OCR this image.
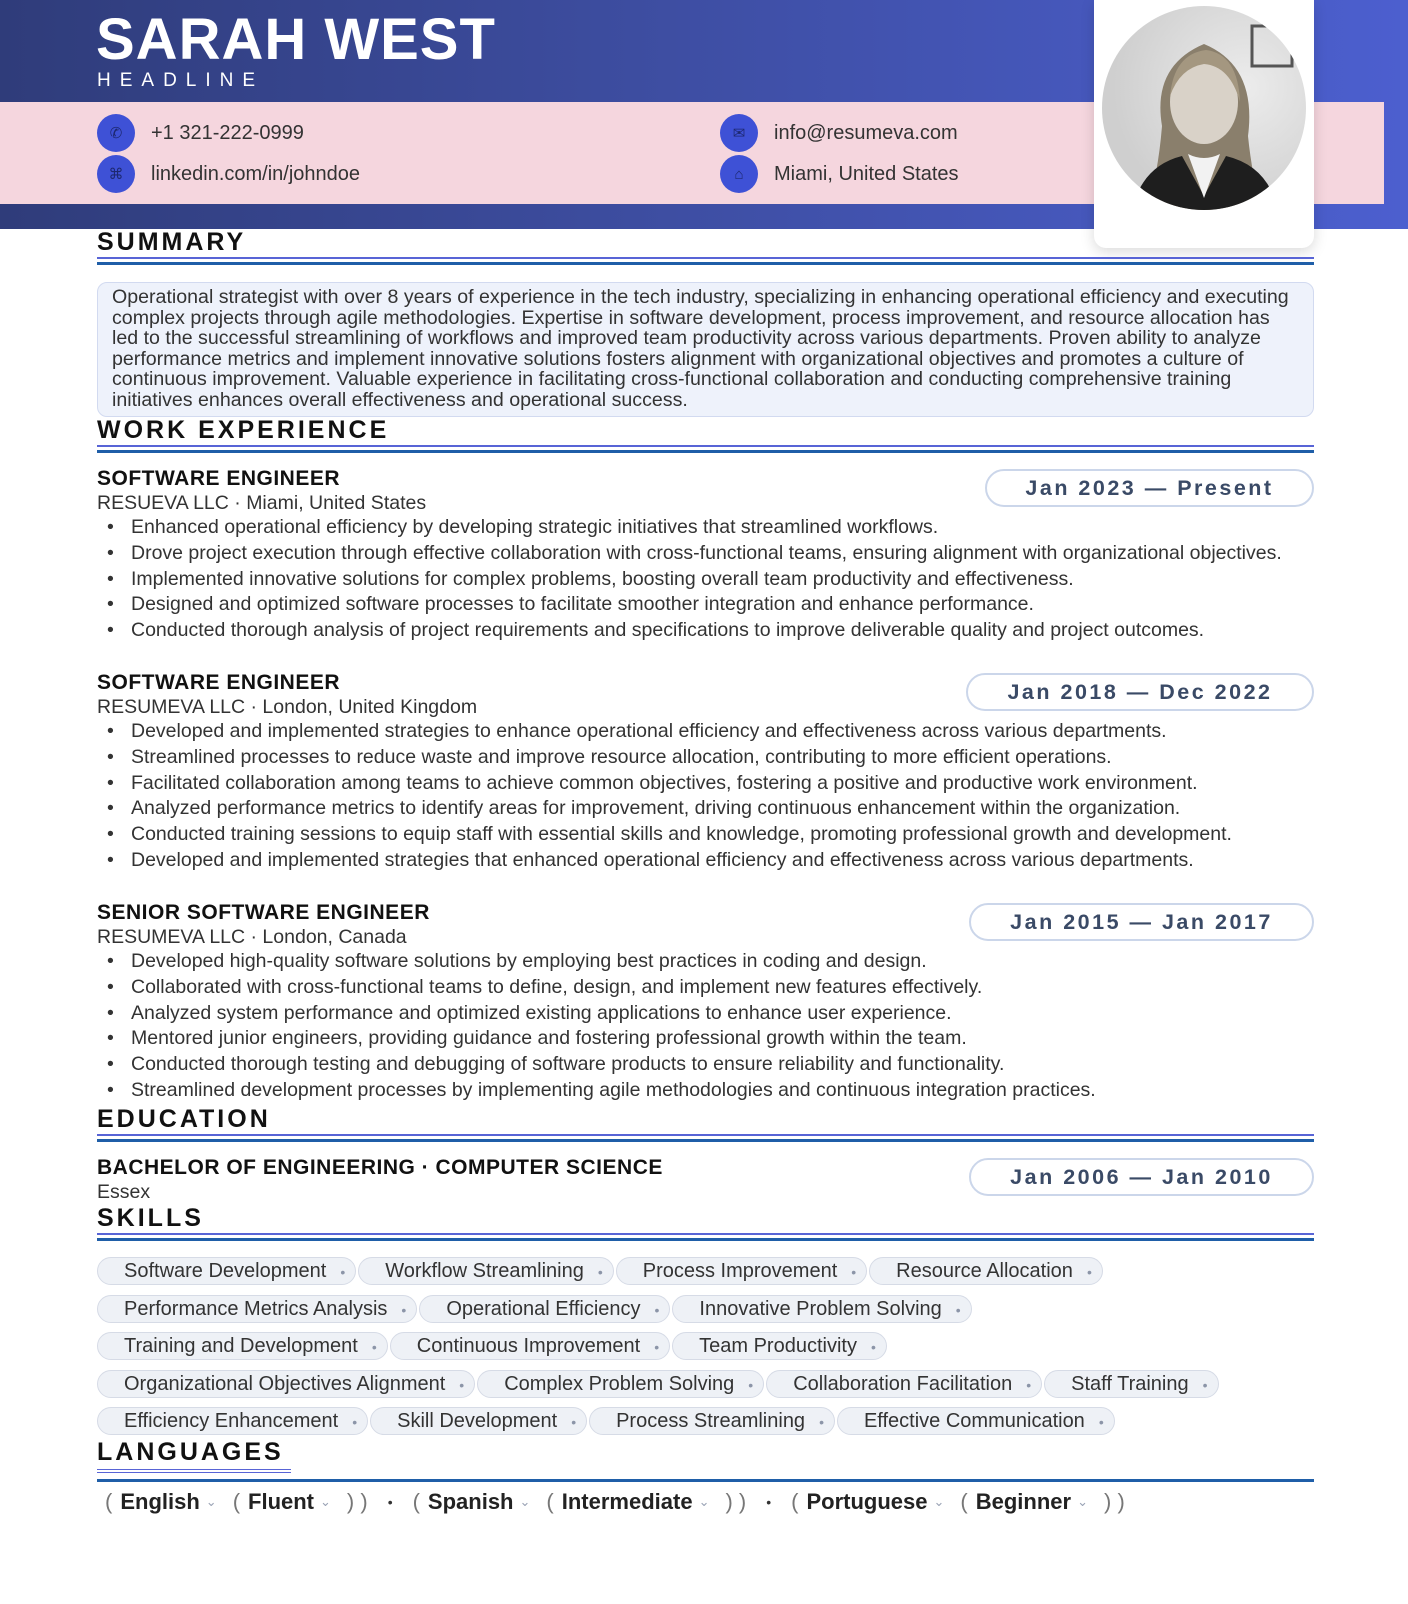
SARAH WEST
HEADLINE
✆	+1 321-222-0999
⌘	linkedin.com/in/johndoe
✉	info@resumeva.com
⌂	Miami, United States
SUMMARY
Operational strategist with over 8 years of experience in the tech industry, specializing in enhancing operational efficiency and executing complex projects through agile methodologies. Expertise in software development, process improvement, and resource allocation has led to the successful streamlining of workflows and improved team productivity across various departments. Proven ability to analyze performance metrics and implement innovative solutions fosters alignment with organizational objectives and promotes a culture of continuous improvement. Valuable experience in facilitating cross-functional collaboration and conducting comprehensive training initiatives enhances overall effectiveness and operational success.
WORK EXPERIENCE
SOFTWARE ENGINEER
RESUEVA LLC · Miami, United States
Jan 2023 — Present
• Enhanced operational efficiency by developing strategic initiatives that streamlined workflows.
• Drove project execution through effective collaboration with cross-functional teams, ensuring alignment with organizational objectives.
• Implemented innovative solutions for complex problems, boosting overall team productivity and effectiveness.
• Designed and optimized software processes to facilitate smoother integration and enhance performance.
• Conducted thorough analysis of project requirements and specifications to improve deliverable quality and project outcomes.
SOFTWARE ENGINEER
RESUMEVA LLC · London, United Kingdom
Jan 2018 — Dec 2022
• Developed and implemented strategies to enhance operational efficiency and effectiveness across various departments.
• Streamlined processes to reduce waste and improve resource allocation, contributing to more efficient operations.
• Facilitated collaboration among teams to achieve common objectives, fostering a positive and productive work environment.
• Analyzed performance metrics to identify areas for improvement, driving continuous enhancement within the organization.
• Conducted training sessions to equip staff with essential skills and knowledge, promoting professional growth and development.
• Developed and implemented strategies that enhanced operational efficiency and effectiveness across various departments.
SENIOR SOFTWARE ENGINEER
RESUMEVA LLC · London, Canada
Jan 2015 — Jan 2017
• Developed high-quality software solutions by employing best practices in coding and design.
• Collaborated with cross-functional teams to define, design, and implement new features effectively.
• Analyzed system performance and optimized existing applications to enhance user experience.
• Mentored junior engineers, providing guidance and fostering professional growth within the team.
• Conducted thorough testing and debugging of software products to ensure reliability and functionality.
• Streamlined development processes by implementing agile methodologies and continuous integration practices.
EDUCATION
BACHELOR OF ENGINEERING · COMPUTER SCIENCE
Essex
Jan 2006 — Jan 2010
SKILLS
Software Development •	Workflow Streamlining •	Process Improvement •	Resource Allocation •
Performance Metrics Analysis •	Operational Efficiency •	Innovative Problem Solving •
Training and Development •	Continuous Improvement •	Team Productivity •
Organizational Objectives Alignment •	Complex Problem Solving •	Collaboration Facilitation •	Staff Training •
Efficiency Enhancement •	Skill Development •	Process Streamlining •	Effective Communication •
LANGUAGES
( English ⌄ ( Fluent ⌄ ) ) • ( Spanish ⌄ ( Intermediate ⌄ ) ) • ( Portuguese ⌄ ( Beginner ⌄ ) )
